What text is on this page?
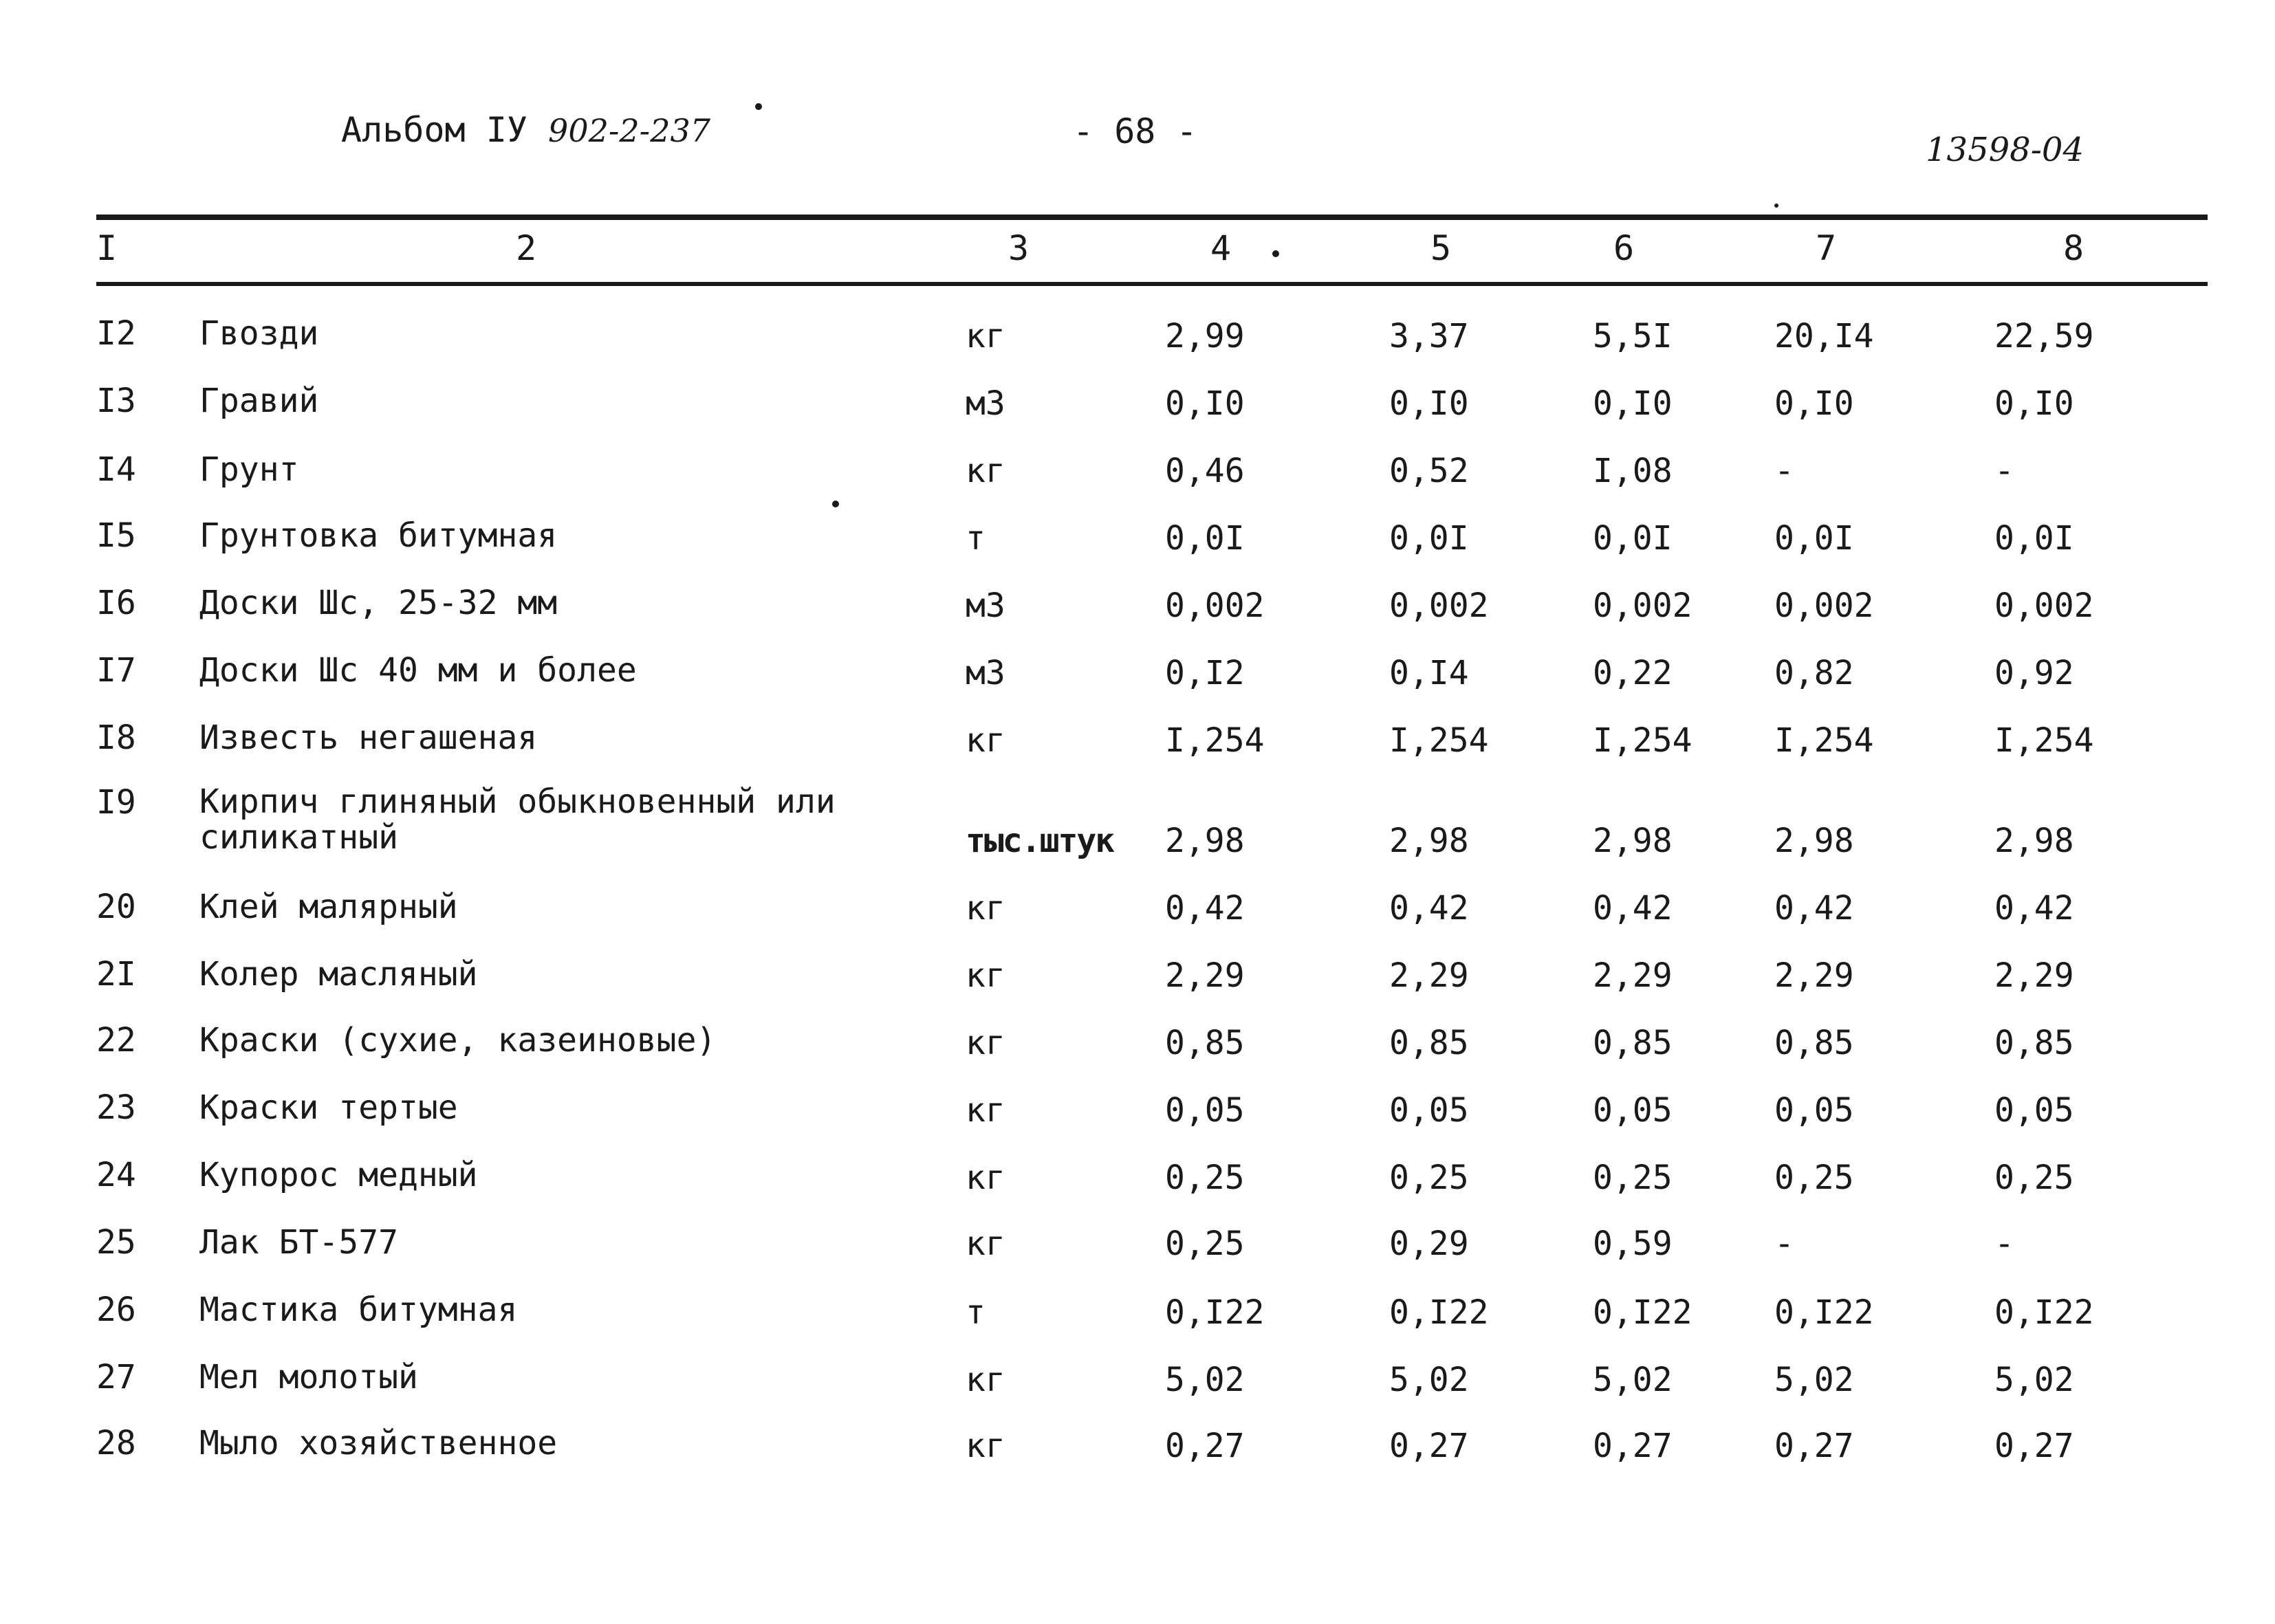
Альбом IУ 902-2-237	- 68 -	13598-04
I	2	3	4	5	6	7	8
I2 Гвозди	кг	2,99	3,37	5,5I	20,I4	22,59
I3 Гравий	м3	0,I0	0,I0	0,I0	0,I0	0,I0
I4 Грунт	кг	0,46	0,52	I,08	-	-
I5 Грунтовка битумная	т	0,0I	0,0I	0,0I	0,0I	0,0I
I6 Доски Шс, 25-32 мм	м3	0,002	0,002	0,002 0,002	0,002
I7 Доски Шс 40 мм и более	м3	0,I2	0,I4	0,22	0,82	0,92
I8 Известь негашеная	кг	I,254	I,254	I,254 I,254	I,254
I9 Кирпич глиняный обыкновенный или
силикатный	тыс.штук 2,98	2,98	2,98	2,98	2,98
20 Клей малярный	кг	0,42	0,42	0,42	0,42	0,42
2I Колер масляный	кг	2,29	2,29	2,29	2,29	2,29
22 Краски (сухие, казеиновые)	кг	0,85	0,85	0,85	0,85	0,85
23 Краски тертые	кг	0,05	0,05	0,05	0,05	0,05
24 Купорос медный	кг	0,25	0,25	0,25	0,25	0,25
25 Лак БТ-577	кг	0,25	0,29	0,59	-	-
26 Мастика битумная	т	0,I22	0,I22	0,I22 0,I22	0,I22
27 Мел молотый	кг	5,02	5,02	5,02	5,02	5,02
28 Мыло хозяйственное	кг	0,27	0,27	0,27	0,27	0,27
